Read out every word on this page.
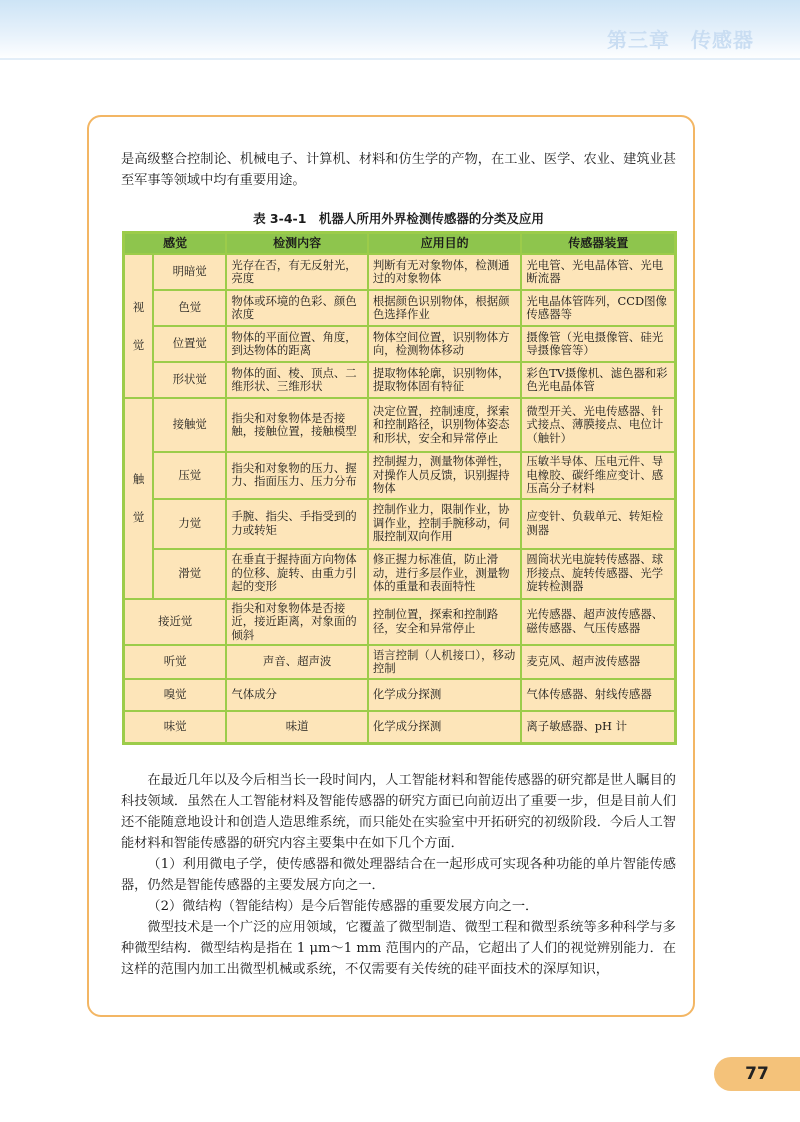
第三章　传感器

是高级整合控制论、机械电子、计算机、材料和仿生学的产物，在工业、医学、农业、建筑业甚至军事等领域中均有重要用途。

表 3-4-1　机器人所用外界检测传感器的分类及应用
感觉		检测内容	应用目的	传感器装置

视
觉	明暗觉	光存在否，有无反射光，亮度	判断有无对象物体，检测通过的对象物体	光电管、光电晶体管、光电断流器
	色觉	物体或环境的色彩、颜色浓度	根据颜色识别物体，根据颜色选择作业	光电晶体管阵列，CCD图像传感器等
	位置觉	物体的平面位置、角度，到达物体的距离	物体空间位置，识别物体方向，检测物体移动	摄像管（光电摄像管、硅光导摄像管等）
	形状觉	物体的面、棱、顶点、二维形状、三维形状	提取物体轮廓，识别物体，提取物体固有特征	彩色TV摄像机、滤色器和彩色光电晶体管

触
觉	接触觉	指尖和对象物体是否接触，接触位置，接触模型	决定位置，控制速度，探索和控制路径，识别物体姿态和形状，安全和异常停止	微型开关、光电传感器、针式接点、薄膜接点、电位计（触针）
	压觉	指尖和对象物的压力、握力、指面压力、压力分布	控制握力，测量物体弹性，对操作人员反馈，识别握持物体	压敏半导体、压电元件、导电橡胶、碳纤维应变计、感压高分子材料
	力觉	手腕、指尖、手指受到的力或转矩	控制作业力，限制作业，协调作业，控制手腕移动，伺服控制双向作用	应变针、负载单元、转矩检测器
	滑觉	在垂直于握持面方向物体的位移、旋转、由重力引起的变形	修正握力标准值，防止滑动，进行多层作业，测量物体的重量和表面特性	圆筒状光电旋转传感器、球形接点、旋转传感器、光学旋转检测器
接近觉		指尖和对象物体是否接近，接近距离，对象面的倾斜	控制位置，探索和控制路径，安全和异常停止	光传感器、超声波传感器、磁传感器、气压传感器
听觉		声音、超声波	语言控制（人机接口），移动控制	麦克风、超声波传感器
嗅觉		气体成分	化学成分探测	气体传感器、射线传感器
味觉		味道	化学成分探测	离子敏感器、pH 计

在最近几年以及今后相当长一段时间内，人工智能材料和智能传感器的研究都是世人瞩目的科技领域．虽然在人工智能材料及智能传感器的研究方面已向前迈出了重要一步，但是目前人们还不能随意地设计和创造人造思维系统，而只能处在实验室中开拓研究的初级阶段．今后人工智能材料和智能传感器的研究内容主要集中在如下几个方面．

（1）利用微电子学，使传感器和微处理器结合在一起形成可实现各种功能的单片智能传感器，仍然是智能传感器的主要发展方向之一．

（2）微结构（智能结构）是今后智能传感器的重要发展方向之一．

微型技术是一个广泛的应用领域，它覆盖了微型制造、微型工程和微型系统等多种科学与多种微型结构．微型结构是指在 1 μm～1 mm 范围内的产品，它超出了人们的视觉辨别能力．在这样的范围内加工出微型机械或系统，不仅需要有关传统的硅平面技术的深厚知识，

77
